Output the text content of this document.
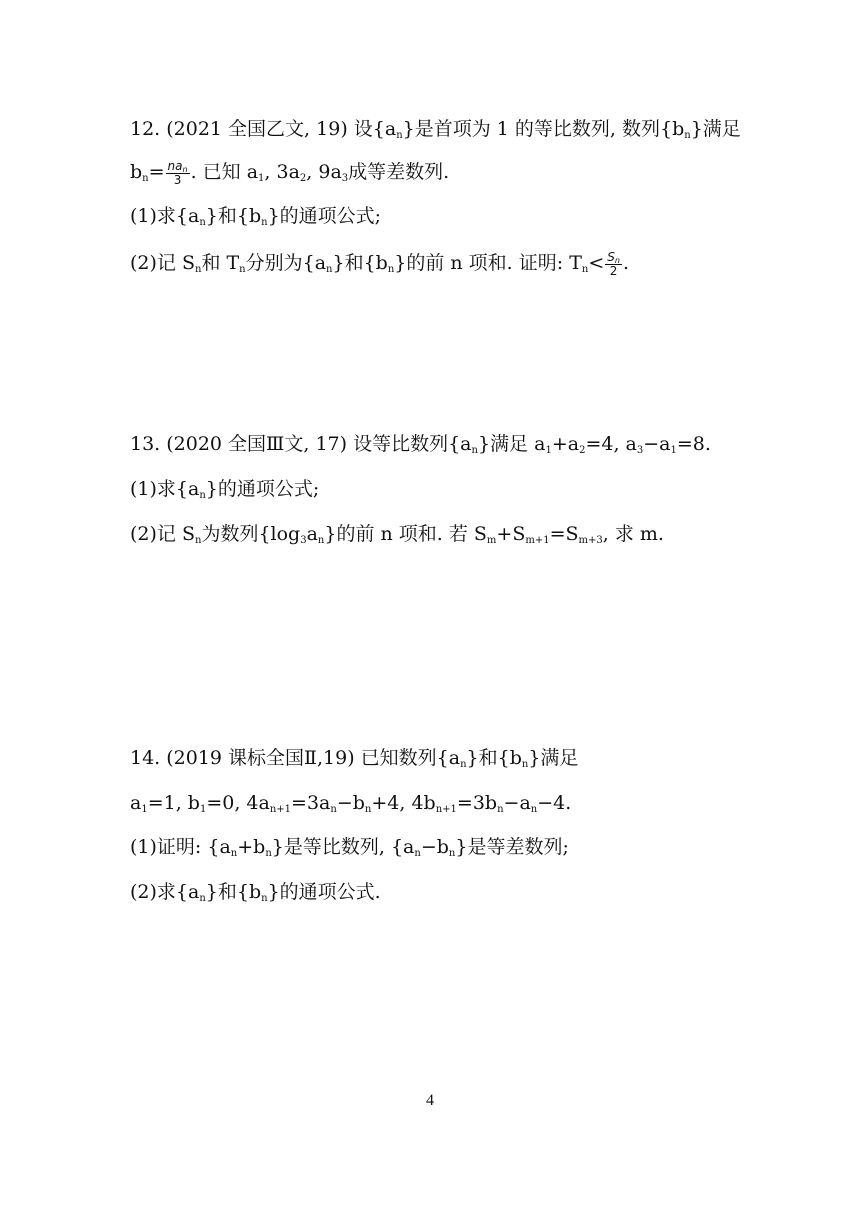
12. (2021 全国乙文, 19) 设$\{a_n\}$是首项为 1 的等比数列, 数列$\{b_n\}$满足
$b_n= \frac{na_n}{3}$ . 已知 $a_1$, $3a_2$, $9a_3$成等差数列.
(1)求$\{a_n\}$和$\{b_n\}$的通项公式;
(2)记 $S_n$和 $T_n$分别为$\{a_n\}$和$\{b_n\}$的前 n 项和. 证明: $T_n< \frac{S_n}{2}$ .
13. (2020 全国Ⅲ文, 17) 设等比数列$\{a_n\}$满足 $a_1+a_2=4$, $a_3-a_1=8$.
(1)求$\{a_n\}$的通项公式;
(2)记 $S_n$为数列$\{\log_3a_n\}$的前 n 项和. 若 $S_m+S_{m+1}=S_{m+3}$, 求 m.
14. (2019 课标全国Ⅱ,19) 已知数列$\{a_n\}$和$\{b_n\}$满足
$a_1=1$, $b_1=0$, $4a_{n+1}=3a_n-b_n+4$, $4b_{n+1}=3b_n-a_n-4$.
(1)证明: $\{a_n+b_n\}$是等比数列, $\{a_n-b_n\}$是等差数列;
(2)求$\{a_n\}$和$\{b_n\}$的通项公式.
4
